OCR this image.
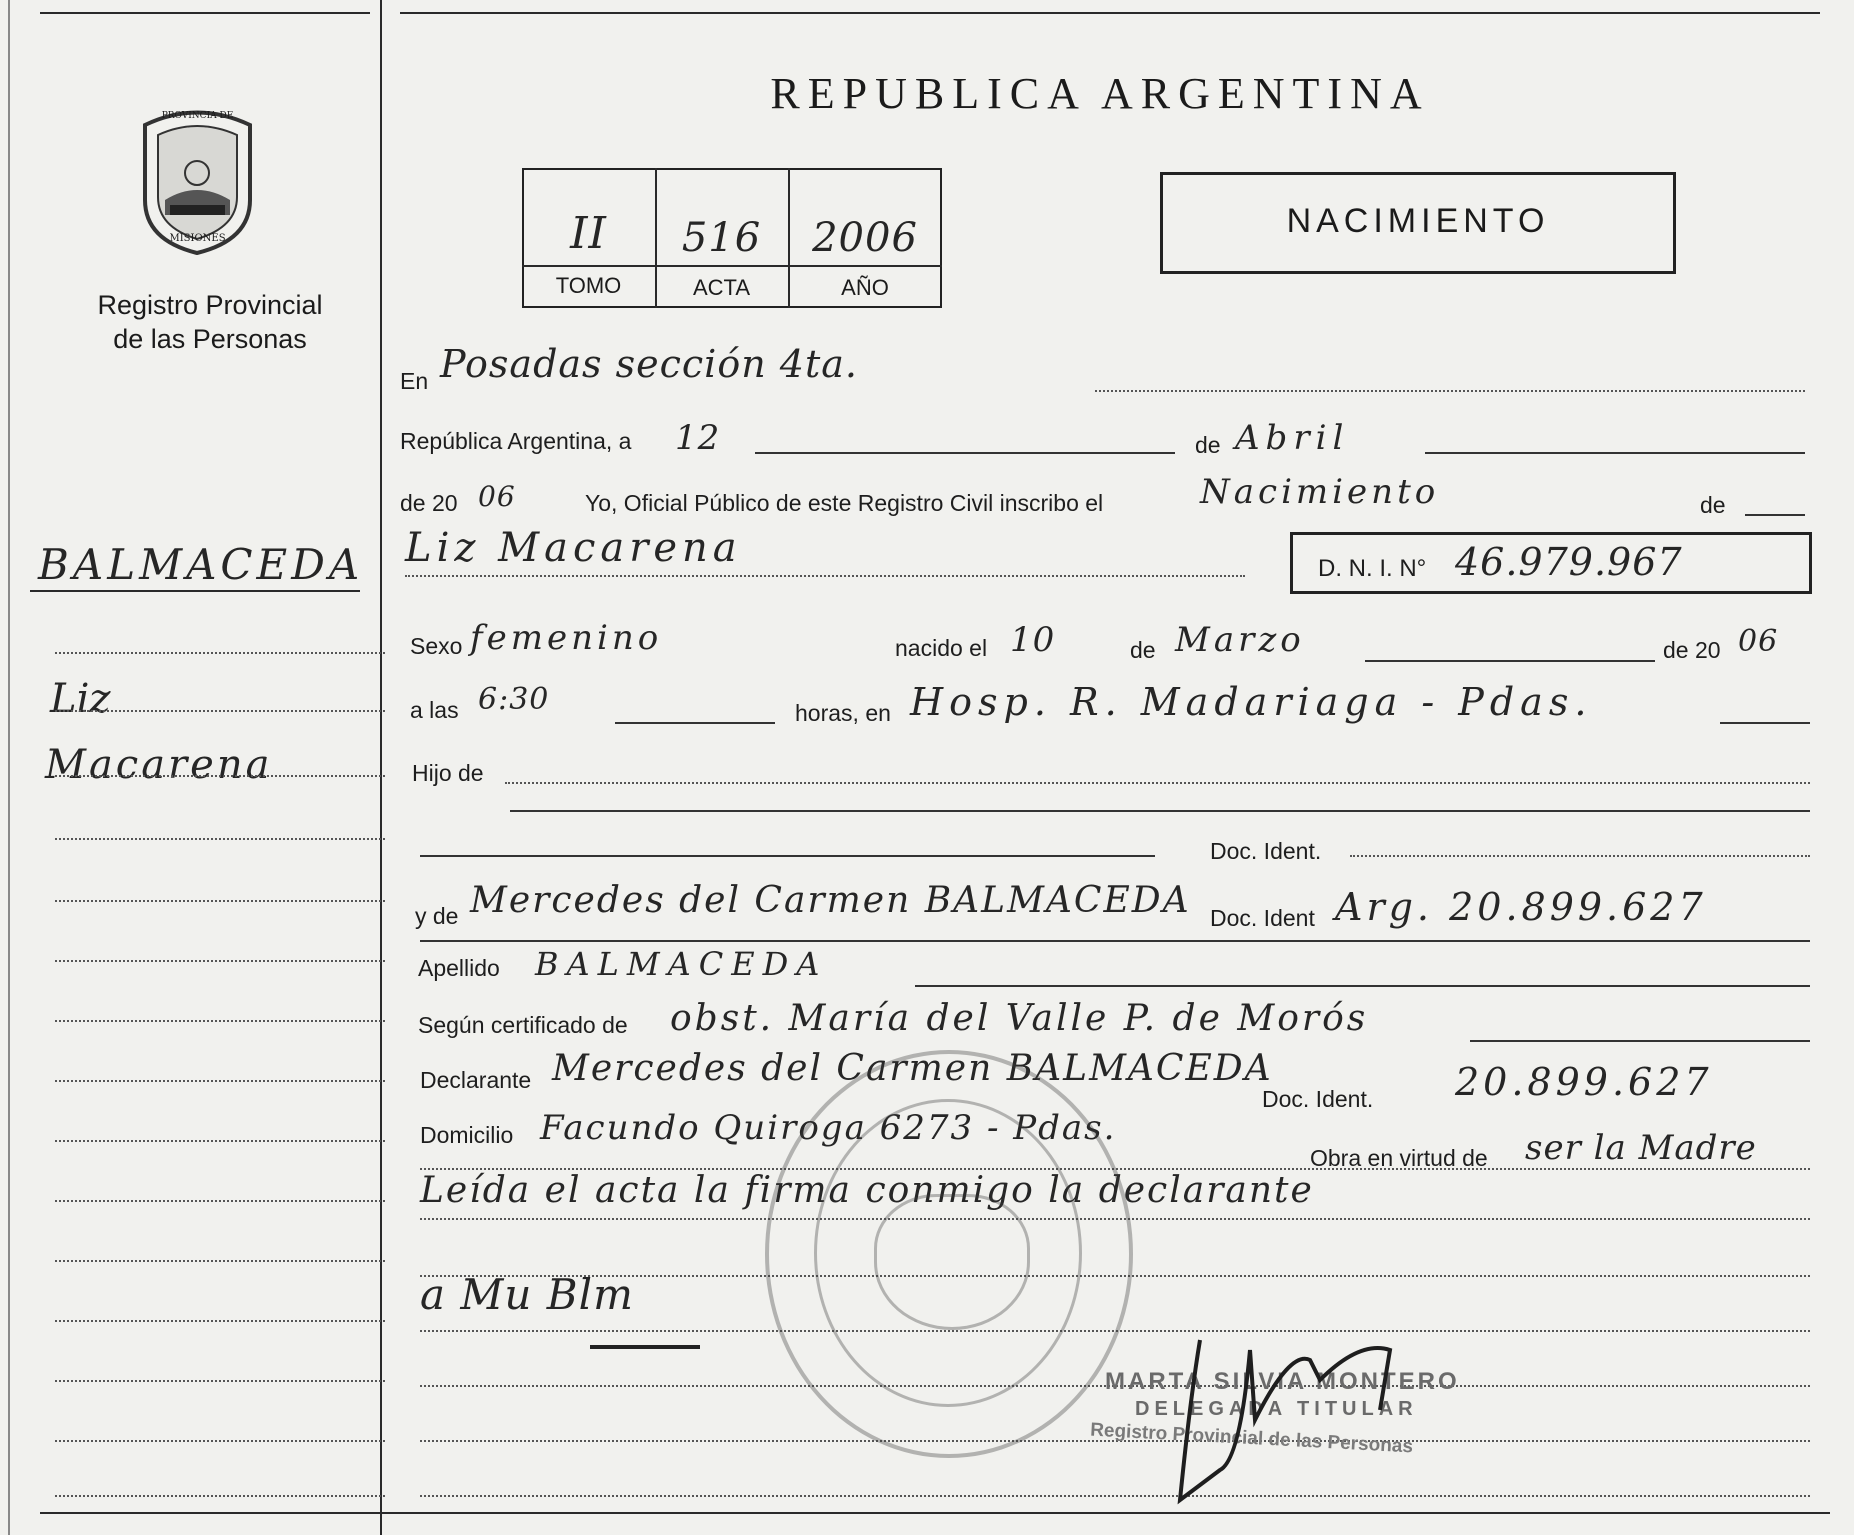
PROVINCIA DE
MISIONES
Registro Provincial
de las Personas
REPUBLICA ARGENTINA
II	516	2006
TOMO	ACTA	AÑO
NACIMIENTO
BALMACEDA
Liz
Macarena
En Posadas sección 4ta.
República Argentina, a 12	de Abril
de 20 06	Yo, Oficial Público de este Registro Civil inscribo el	Nacimiento	de
Liz Macarena	D. N. I. N° 46.979.967
Sexo femenino	nacido el 10	de Marzo	de 20 06
a las 6:30	horas, en Hosp. R. Madariaga - Pdas.
Hijo de
Doc. Ident.
y de Mercedes del Carmen BALMACEDA Doc. Ident Arg. 20.899.627
Apellido BALMACEDA
Según certificado de obst. María del Valle P. de Morós
Declarante Mercedes del Carmen BALMACEDA
Doc. Ident. 20.899.627
Domicilio Facundo Quiroga 6273 - Pdas.
Obra en virtud de ser la Madre
Leída el acta la firma conmigo la declarante
a Mu Blm
MARTA SILVIA MONTERO
DELEGADA TITULAR
Registro Provincial de las Personas
